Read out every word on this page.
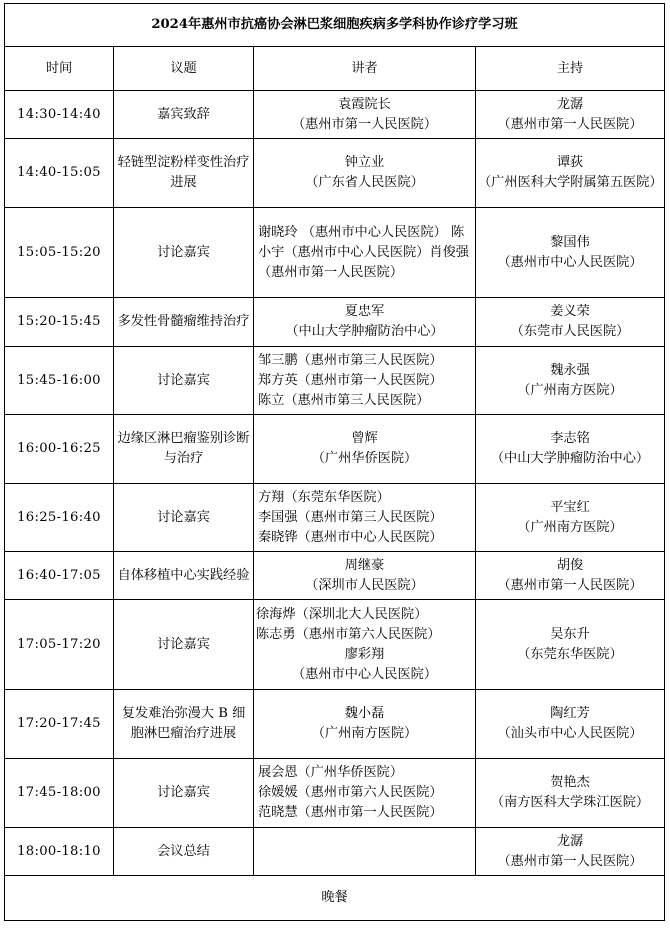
2024年惠州市抗癌协会淋巴浆细胞疾病多学科协作诊疗学习班			
时间	议题	讲者	主持
14:30-14:40	嘉宾致辞	袁霞院长
（惠州市第一人民医院）	龙潺
（惠州市第一人民医院）

14:40-15:05	轻链型淀粉样变性治疗进展	钟立业
（广东省人民医院）	谭荻
（广州医科大学附属第五医院）

15:05-15:20	讨论嘉宾	谢晓玲 （惠州市中心人民医院） 陈小宇（惠州市中心人民医院）肖俊强（惠州市第一人民医院）	黎国伟
（惠州市中心人民医院）

15:20-15:45	多发性骨髓瘤维持治疗	夏忠军
（中山大学肿瘤防治中心）	姜义荣
（东莞市人民医院）

15:45-16:00	讨论嘉宾	邹三鹏（惠州市第三人民医院）
郑方英（惠州市第一人民医院）
陈立（惠州市第三人民医院）	魏永强
（广州南方医院）

16:00-16:25	边缘区淋巴瘤鉴别诊断与治疗	曾辉
（广州华侨医院）	李志铭
（中山大学肿瘤防治中心）

16:25-16:40	讨论嘉宾	方翔（东莞东华医院）
李国强（惠州市第三人民医院）
秦晓铧（惠州市中心人民医院）	平宝红
（广州南方医院）

16:40-17:05	自体移植中心实践经验	周继豪
（深圳市人民医院）	胡俊
（惠州市第一人民医院）

17:05-17:20	讨论嘉宾	徐海烨（深圳北大人民医院）
陈志勇（惠州市第六人民医院）
廖彩翔
（惠州市中心人民医院）	吴东升
（东莞东华医院）

17:20-17:45	复发难治弥漫大 B 细胞淋巴瘤治疗进展	魏小磊
（广州南方医院）	陶红芳
（汕头市中心人民医院）

17:45-18:00	讨论嘉宾	展会恩（广州华侨医院）
徐媛媛（惠州市第六人民医院）
范晓慧（惠州市第一人民医院）	贺艳杰
（南方医科大学珠江医院）

18:00-18:10	会议总结		龙潺
（惠州市第一人民医院）

晚餐			
